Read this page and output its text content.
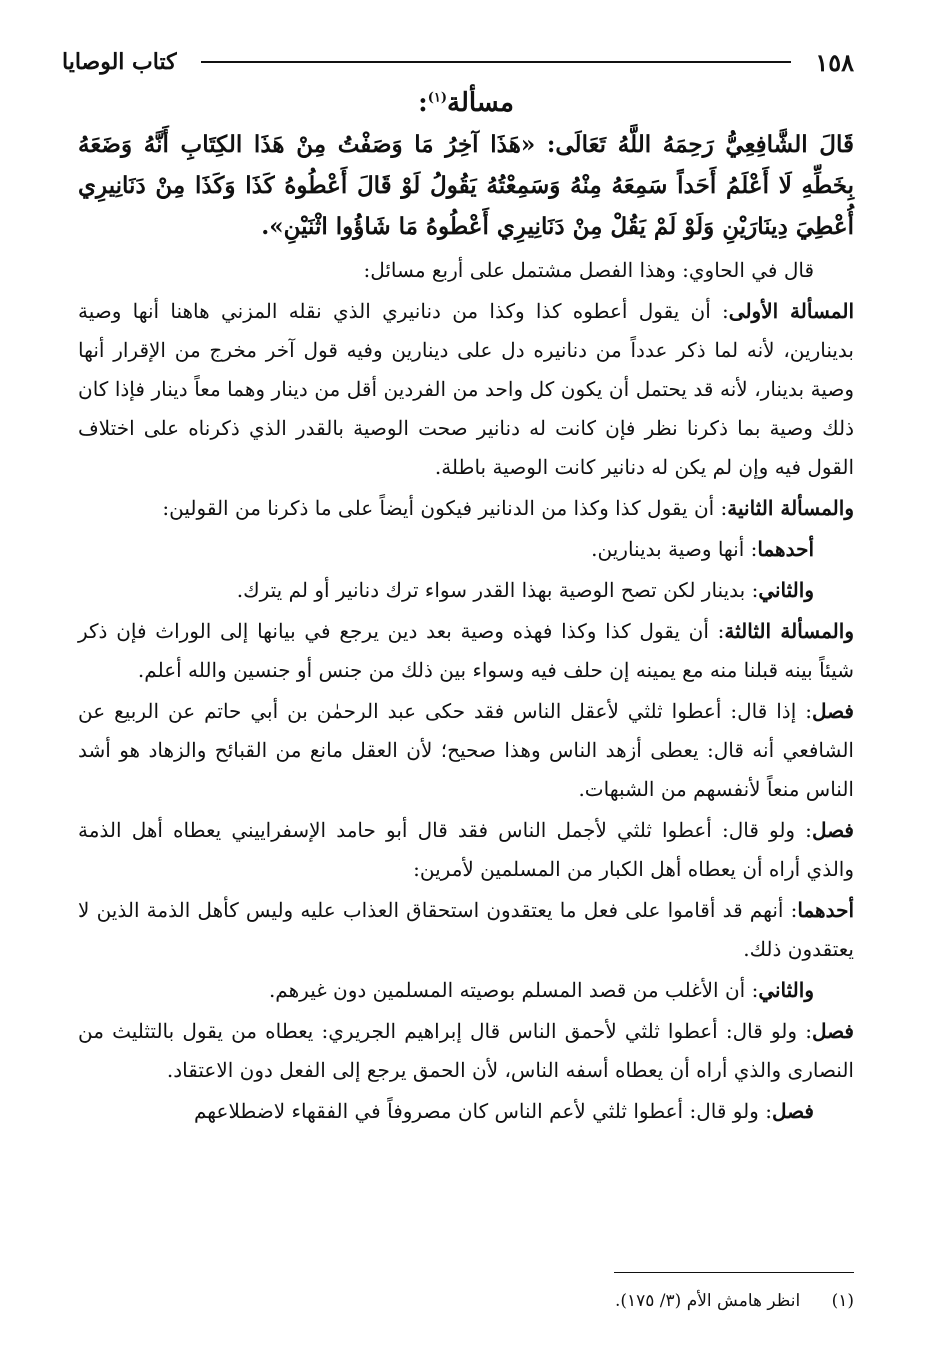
١٥٨
كتاب الوصايا
مسألة$^{(١)}$:
قَالَ الشَّافِعِيُّ رَحِمَهُ اللَّهُ تَعَالَى: «هَذَا آخِرُ مَا وَصَفْتُ مِنْ هَذَا الكِتَابِ أَنَّهُ وَضَعَهُ بِخَطِّهِ لَا أَعْلَمُ أَحَداً سَمِعَهُ مِنْهُ وَسَمِعْتُهُ يَقُولُ لَوْ قَالَ أَعْطُوهُ كَذَا وَكَذَا مِنْ دَنَانِيرِي أُعْطِيَ دِينَارَيْنِ وَلَوْ لَمْ يَقُلْ مِنْ دَنَانِيرِي أَعْطُوهُ مَا شَاؤُوا اثْنَيْنِ».

قال في الحاوي: وهذا الفصل مشتمل على أربع مسائل:

المسألة الأولى: أن يقول أعطوه كذا وكذا من دنانيري الذي نقله المزني هاهنا أنها وصية بدينارين، لأنه لما ذكر عدداً من دنانيره دل على دينارين وفيه قول آخر مخرج من الإقرار أنها وصية بدينار، لأنه قد يحتمل أن يكون كل واحد من الفردين أقل من دينار وهما معاً دينار فإذا كان ذلك وصية بما ذكرنا نظر فإن كانت له دنانير صحت الوصية بالقدر الذي ذكرناه على اختلاف القول فيه وإن لم يكن له دنانير كانت الوصية باطلة.

والمسألة الثانية: أن يقول كذا وكذا من الدنانير فيكون أيضاً على ما ذكرنا من القولين:

أحدهما: أنها وصية بدينارين.

والثاني: بدينار لكن تصح الوصية بهذا القدر سواء ترك دنانير أو لم يترك.

والمسألة الثالثة: أن يقول كذا وكذا فهذه وصية بعد دين يرجع في بيانها إلى الوراث فإن ذكر شيئاً بينه قبلنا منه مع يمينه إن حلف فيه وسواء بين ذلك من جنس أو جنسين والله أعلم.

فصل: إذا قال: أعطوا ثلثي لأعقل الناس فقد حكى عبد الرحمٰن بن أبي حاتم عن الربيع عن الشافعي أنه قال: يعطى أزهد الناس وهذا صحيح؛ لأن العقل مانع من القبائح والزهاد هو أشد الناس منعاً لأنفسهم من الشبهات.

فصل: ولو قال: أعطوا ثلثي لأجمل الناس فقد قال أبو حامد الإسفراييني يعطاه أهل الذمة والذي أراه أن يعطاه أهل الكبار من المسلمين لأمرين:

أحدهما: أنهم قد أقاموا على فعل ما يعتقدون استحقاق العذاب عليه وليس كأهل الذمة الذين لا يعتقدون ذلك.

والثاني: أن الأغلب من قصد المسلم بوصيته المسلمين دون غيرهم.

فصل: ولو قال: أعطوا ثلثي لأحمق الناس قال إبراهيم الجريري: يعطاه من يقول بالتثليث من النصارى والذي أراه أن يعطاه أسفه الناس، لأن الحمق يرجع إلى الفعل دون الاعتقاد.

فصل: ولو قال: أعطوا ثلثي لأعم الناس كان مصروفاً في الفقهاء لاضطلاعهم

(١) انظر هامش الأم (٣/ ١٧٥).
